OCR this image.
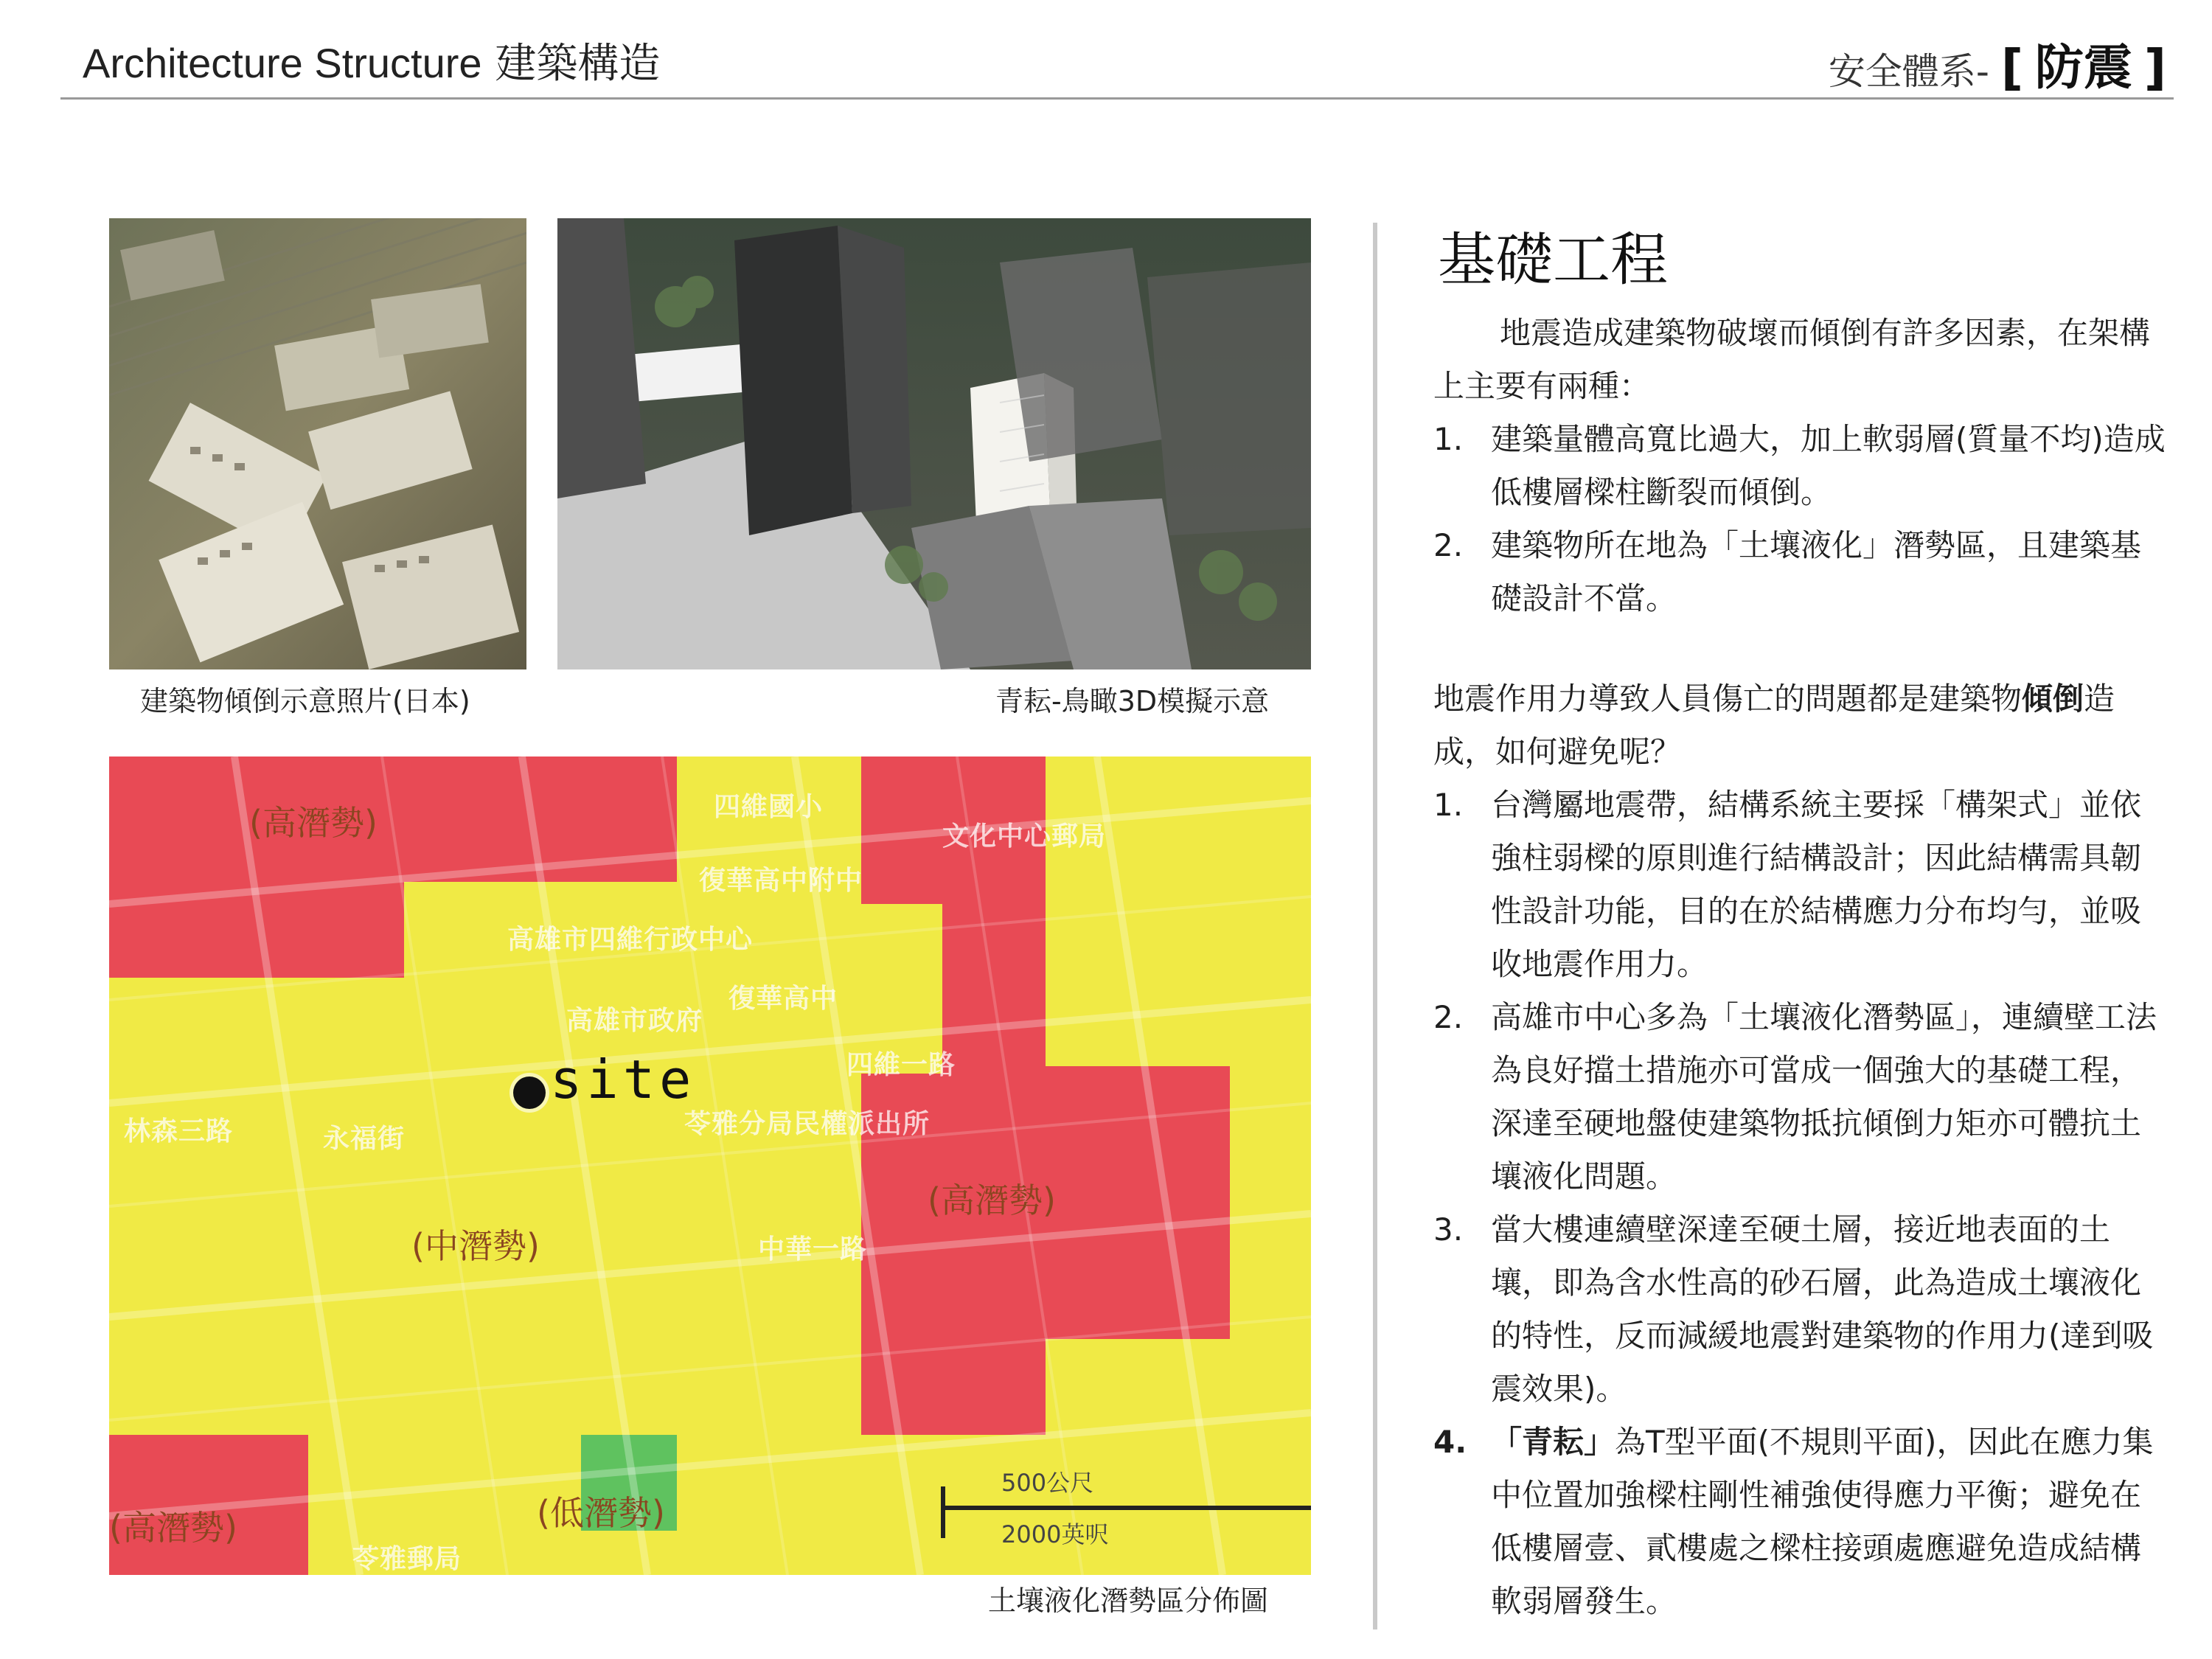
Architecture Structure 建築構造	安全體系- [ 防震 ]
建築物傾倒示意照片(日本)	青耘-鳥瞰3D模擬示意
四維國小
文化中心郵局
復華高中附中
高雄市四維行政中心
高雄市政府
復華高中
四維一路
苓雅分局民權派出所
中華一路
林森三路	永福街
苓雅郵局
(高潛勢)
(高潛勢)
(高潛勢)
(中潛勢)
(低潛勢)
site
500公尺
2000英呎
土壤液化潛勢區分佈圖
基礎工程

地震造成建築物破壞而傾倒有許多因素，在架構上主要有兩種：

1. 建築量體高寬比過大，加上軟弱層(質量不均)造成低樓層樑柱斷裂而傾倒。
2. 建築物所在地為「土壤液化」潛勢區，且建築基礎設計不當。

地震作用力導致人員傷亡的問題都是建築物傾倒造成，如何避免呢？

1. 台灣屬地震帶，結構系統主要採「構架式」並依強柱弱樑的原則進行結構設計；因此結構需具韌性設計功能，目的在於結構應力分布均勻，並吸收地震作用力。
2. 高雄市中心多為「土壤液化潛勢區」，連續壁工法為良好擋土措施亦可當成一個強大的基礎工程，深達至硬地盤使建築物抵抗傾倒力矩亦可體抗土壤液化問題。
3. 當大樓連續壁深達至硬土層，接近地表面的土壤，即為含水性高的砂石層，此為造成土壤液化的特性，反而減緩地震對建築物的作用力(達到吸震效果)。
4. 「青耘」為T型平面(不規則平面)，因此在應力集中位置加強樑柱剛性補強使得應力平衡；避免在低樓層壹、貳樓處之樑柱接頭處應避免造成結構軟弱層發生。
